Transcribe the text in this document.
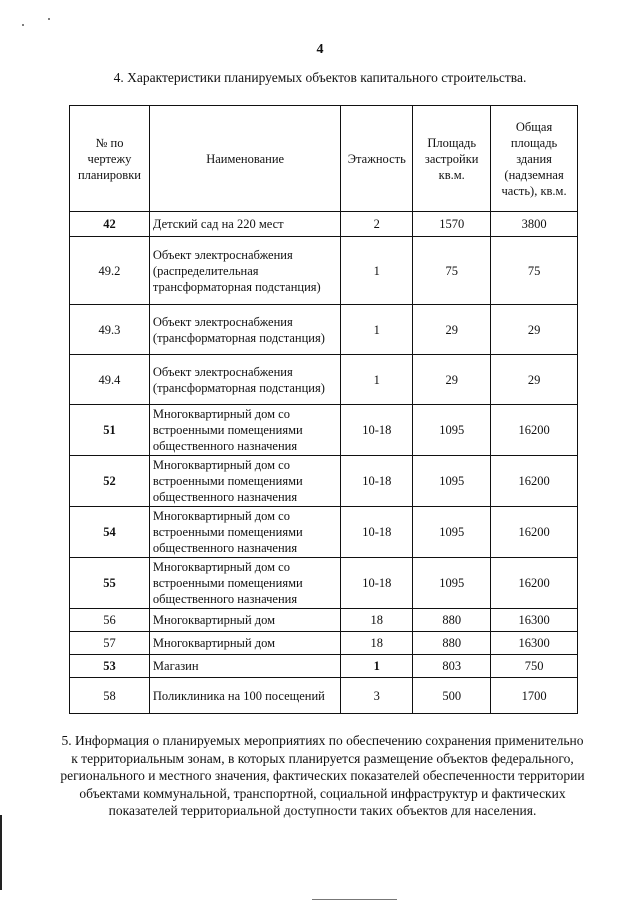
4
4. Характеристики планируемых объектов капитального строительства.
№ по чертежу планировки	Наименование	Этажность	Площадь застройки кв.м.	Общая площадь здания (надземная часть), кв.м.
42	Детский сад на 220 мест	2	1570	3800
49.2	Объект электроснабжения (распределительная трансформаторная подстанция)	1	75	75
49.3	Объект электроснабжения (трансформаторная подстанция)	1	29	29
49.4	Объект электроснабжения (трансформаторная подстанция)	1	29	29
51	Многоквартирный дом со встроенными помещениями общественного назначения	10-18	1095	16200
52	Многоквартирный дом со встроенными помещениями общественного назначения	10-18	1095	16200
54	Многоквартирный дом со встроенными помещениями общественного назначения	10-18	1095	16200
55	Многоквартирный дом со встроенными помещениями общественного назначения	10-18	1095	16200
56	Многоквартирный дом	18	880	16300
57	Многоквартирный дом	18	880	16300
53	Магазин	1	803	750
58	Поликлиника на 100 посещений	3	500	1700
5. Информация о планируемых мероприятиях по обеспечению сохранения применительно к территориальным зонам, в которых планируется размещение объектов федерального, регионального и местного значения, фактических показателей обеспеченности территории объектами коммунальной, транспортной, социальной инфраструктур и фактических показателей территориальной доступности таких объектов для населения.
